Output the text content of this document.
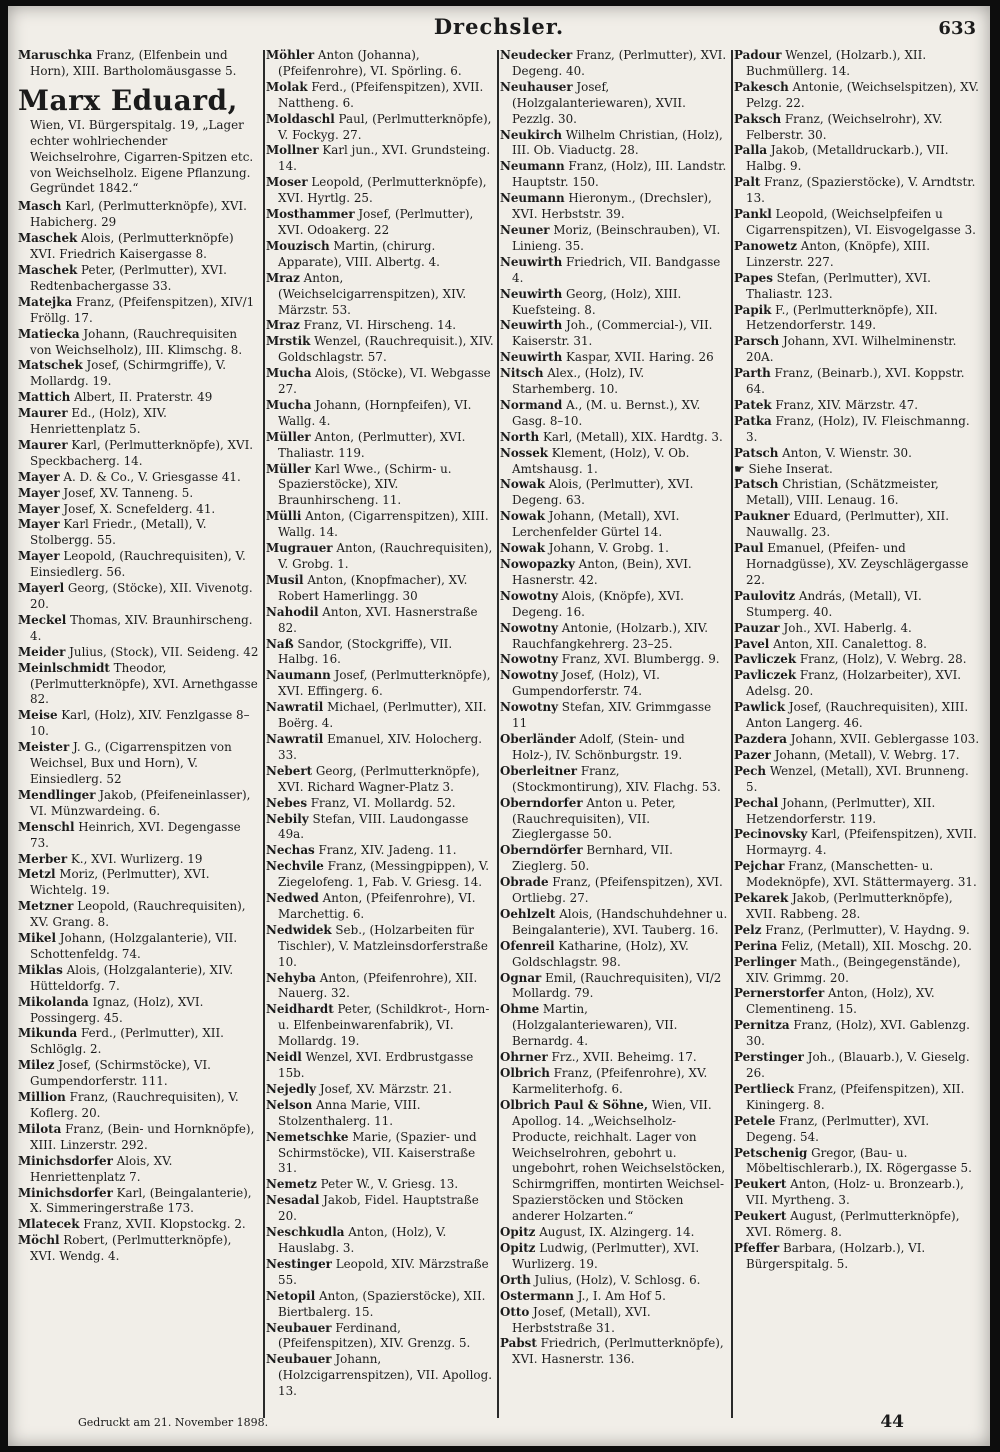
Drechsler.	633

Maruschka Franz, (Elfenbein und Horn), XIII. Bartholomäusgasse 5.

Marx Eduard, Wien, VI. Bürgerspitalg. 19, „Lager echter wohlriechender Weichselrohre, Cigarren-Spitzen etc. von Weichselholz. Eigene Pflanzung. Gegründet 1842.“

Masch Karl, (Perlmutterknöpfe), XVI. Habicherg. 29

Maschek Alois, (Perlmutterknöpfe) XVI. Friedrich Kaisergasse 8.

Maschek Peter, (Perlmutter), XVI. Redtenbachergasse 33.

Matejka Franz, (Pfeifenspitzen), XIV/1 Fröllg. 17.

Matiecka Johann, (Rauchrequisiten von Weichselholz), III. Klimschg. 8.

Matschek Josef, (Schirmgriffe), V. Mollardg. 19.

Mattich Albert, II. Praterstr. 49

Maurer Ed., (Holz), XIV. Henriettenplatz 5.

Maurer Karl, (Perlmutterknöpfe), XVI. Speckbacherg. 14.

Mayer A. D. & Co., V. Griesgasse 41.

Mayer Josef, XV. Tanneng. 5.

Mayer Josef, X. Scnefelderg. 41.

Mayer Karl Friedr., (Metall), V. Stolbergg. 55.

Mayer Leopold, (Rauchrequisiten), V. Einsiedlerg. 56.

Mayerl Georg, (Stöcke), XII. Vivenotg. 20.

Meckel Thomas, XIV. Braunhirscheng. 4.

Meider Julius, (Stock), VII. Seideng. 42

Meinlschmidt Theodor, (Perlmutterknöpfe), XVI. Arnethgasse 82.

Meise Karl, (Holz), XIV. Fenzlgasse 8–10.

Meister J. G., (Cigarrenspitzen von Weichsel, Bux und Horn), V. Einsiedlerg. 52

Mendlinger Jakob, (Pfeifeneinlasser), VI. Münzwardeing. 6.

Menschl Heinrich, XVI. Degengasse 73.

Merber K., XVI. Wurlizerg. 19

Metzl Moriz, (Perlmutter), XVI. Wichtelg. 19.

Metzner Leopold, (Rauchrequisiten), XV. Grang. 8.

Mikel Johann, (Holzgalanterie), VII. Schottenfeldg. 74.

Miklas Alois, (Holzgalanterie), XIV. Hütteldorfg. 7.

Mikolanda Ignaz, (Holz), XVI. Possingerg. 45.

Mikunda Ferd., (Perlmutter), XII. Schlöglg. 2.

Milez Josef, (Schirmstöcke), VI. Gumpendorferstr. 111.

Million Franz, (Rauchrequisiten), V. Koflerg. 20.

Milota Franz, (Bein- und Hornknöpfe), XIII. Linzerstr. 292.

Minichsdorfer Alois, XV. Henriettenplatz 7.

Minichsdorfer Karl, (Beingalanterie), X. Simmeringerstraße 173.

Mlatecek Franz, XVII. Klopstockg. 2.

Möchl Robert, (Perlmutterknöpfe), XVI. Wendg. 4.

Möhler Anton (Johanna), (Pfeifenrohre), VI. Spörling. 6.

Molak Ferd., (Pfeifenspitzen), XVII. Nattheng. 6.

Moldaschl Paul, (Perlmutterknöpfe), V. Fockyg. 27.

Mollner Karl jun., XVI. Grundsteing. 14.

Moser Leopold, (Perlmutterknöpfe), XVI. Hyrtlg. 25.

Mosthammer Josef, (Perlmutter), XVI. Odoakerg. 22

Mouzisch Martin, (chirurg. Apparate), VIII. Albertg. 4.

Mraz Anton, (Weichselcigarrenspitzen), XIV. Märzstr. 53.

Mraz Franz, VI. Hirscheng. 14.

Mrstik Wenzel, (Rauchrequisit.), XIV. Goldschlagstr. 57.

Mucha Alois, (Stöcke), VI. Webgasse 27.

Mucha Johann, (Hornpfeifen), VI. Wallg. 4.

Müller Anton, (Perlmutter), XVI. Thaliastr. 119.

Müller Karl Wwe., (Schirm- u. Spazierstöcke), XIV. Braunhirscheng. 11.

Mülli Anton, (Cigarrenspitzen), XIII. Wallg. 14.

Mugrauer Anton, (Rauchrequisiten), V. Grobg. 1.

Musil Anton, (Knopfmacher), XV. Robert Hamerlingg. 30

Nahodil Anton, XVI. Hasnerstraße 82.

Naß Sandor, (Stockgriffe), VII. Halbg. 16.

Naumann Josef, (Perlmutterknöpfe), XVI. Effingerg. 6.

Nawratil Michael, (Perlmutter), XII. Boërg. 4.

Nawratil Emanuel, XIV. Holocherg. 33.

Nebert Georg, (Perlmutterknöpfe), XVI. Richard Wagner-Platz 3.

Nebes Franz, VI. Mollardg. 52.

Nebily Stefan, VIII. Laudongasse 49a.

Nechas Franz, XIV. Jadeng. 11.

Nechvile Franz, (Messingpippen), V. Ziegelofeng. 1, Fab. V. Griesg. 14.

Nedwed Anton, (Pfeifenrohre), VI. Marchettig. 6.

Nedwidek Seb., (Holzarbeiten für Tischler), V. Matzleinsdorferstraße 10.

Nehyba Anton, (Pfeifenrohre), XII. Nauerg. 32.

Neidhardt Peter, (Schildkrot-, Horn- u. Elfenbeinwarenfabrik), VI. Mollardg. 19.

Neidl Wenzel, XVI. Erdbrustgasse 15b.

Nejedly Josef, XV. Märzstr. 21.

Nelson Anna Marie, VIII. Stolzenthalerg. 11.

Nemetschke Marie, (Spazier- und Schirmstöcke), VII. Kaiserstraße 31.

Nemetz Peter W., V. Griesg. 13.

Nesadal Jakob, Fidel. Hauptstraße 20.

Neschkudla Anton, (Holz), V. Hauslabg. 3.

Nestinger Leopold, XIV. Märzstraße 55.

Netopil Anton, (Spazierstöcke), XII. Biertbalerg. 15.

Neubauer Ferdinand, (Pfeifenspitzen), XIV. Grenzg. 5.

Neubauer Johann, (Holzcigarrenspitzen), VII. Apollog. 13.

Neudecker Franz, (Perlmutter), XVI. Degeng. 40.

Neuhauser Josef, (Holzgalanteriewaren), XVII. Pezzlg. 30.

Neukirch Wilhelm Christian, (Holz), III. Ob. Viaductg. 28.

Neumann Franz, (Holz), III. Landstr. Hauptstr. 150.

Neumann Hieronym., (Drechsler), XVI. Herbststr. 39.

Neuner Moriz, (Beinschrauben), VI. Linieng. 35.

Neuwirth Friedrich, VII. Bandgasse 4.

Neuwirth Georg, (Holz), XIII. Kuefsteing. 8.

Neuwirth Joh., (Commercial-), VII. Kaiserstr. 31.

Neuwirth Kaspar, XVII. Haring. 26

Nitsch Alex., (Holz), IV. Starhemberg. 10.

Normand A., (M. u. Bernst.), XV. Gasg. 8–10.

North Karl, (Metall), XIX. Hardtg. 3.

Nossek Klement, (Holz), V. Ob. Amtshausg. 1.

Nowak Alois, (Perlmutter), XVI. Degeng. 63.

Nowak Johann, (Metall), XVI. Lerchenfelder Gürtel 14.

Nowak Johann, V. Grobg. 1.

Nowopazky Anton, (Bein), XVI. Hasnerstr. 42.

Nowotny Alois, (Knöpfe), XVI. Degeng. 16.

Nowotny Antonie, (Holzarb.), XIV. Rauchfangkehrerg. 23–25.

Nowotny Franz, XVI. Blumbergg. 9.

Nowotny Josef, (Holz), VI. Gumpendorferstr. 74.

Nowotny Stefan, XIV. Grimmgasse 11

Oberländer Adolf, (Stein- und Holz-), IV. Schönburgstr. 19.

Oberleitner Franz, (Stockmontirung), XIV. Flachg. 53.

Oberndorfer Anton u. Peter, (Rauchrequisiten), VII. Zieglergasse 50.

Oberndörfer Bernhard, VII. Zieglerg. 50.

Obrade Franz, (Pfeifenspitzen), XVI. Ortliebg. 27.

Oehlzelt Alois, (Handschuhdehner u. Beingalanterie), XVI. Tauberg. 16.

Ofenreil Katharine, (Holz), XV. Goldschlagstr. 98.

Ognar Emil, (Rauchrequisiten), VI/2 Mollardg. 79.

Ohme Martin, (Holzgalanteriewaren), VII. Bernardg. 4.

Ohrner Frz., XVII. Beheimg. 17.

Olbrich Franz, (Pfeifenrohre), XV. Karmeliterhofg. 6.

Olbrich Paul & Söhne, Wien, VII. Apollog. 14. „Weichselholz-Producte, reichhalt. Lager von Weichselrohren, gebohrt u. ungebohrt, rohen Weichselstöcken, Schirmgriffen, montirten Weichsel-Spazierstöcken und Stöcken anderer Holzarten.“

Opitz August, IX. Alzingerg. 14.

Opitz Ludwig, (Perlmutter), XVI. Wurlizerg. 19.

Orth Julius, (Holz), V. Schlosg. 6.

Ostermann J., I. Am Hof 5.

Otto Josef, (Metall), XVI. Herbststraße 31.

Pabst Friedrich, (Perlmutterknöpfe), XVI. Hasnerstr. 136.

Padour Wenzel, (Holzarb.), XII. Buchmüllerg. 14.

Pakesch Antonie, (Weichselspitzen), XV. Pelzg. 22.

Paksch Franz, (Weichselrohr), XV. Felberstr. 30.

Palla Jakob, (Metalldruckarb.), VII. Halbg. 9.

Palt Franz, (Spazierstöcke), V. Arndtstr. 13.

Pankl Leopold, (Weichselpfeifen u Cigarrenspitzen), VI. Eisvogelgasse 3.

Panowetz Anton, (Knöpfe), XIII. Linzerstr. 227.

Papes Stefan, (Perlmutter), XVI. Thaliastr. 123.

Papik F., (Perlmutterknöpfe), XII. Hetzendorferstr. 149.

Parsch Johann, XVI. Wilhelminenstr. 20A.

Parth Franz, (Beinarb.), XVI. Koppstr. 64.

Patek Franz, XIV. Märzstr. 47.

Patka Franz, (Holz), IV. Fleischmanng. 3.

Patsch Anton, V. Wienstr. 30.

☛ Siehe Inserat.

Patsch Christian, (Schätzmeister, Metall), VIII. Lenaug. 16.

Paukner Eduard, (Perlmutter), XII. Nauwallg. 23.

Paul Emanuel, (Pfeifen- und Hornadgüsse), XV. Zeyschlägergasse 22.

Paulovitz András, (Metall), VI. Stumperg. 40.

Pauzar Joh., XVI. Haberlg. 4.

Pavel Anton, XII. Canalettog. 8.

Pavliczek Franz, (Holz), V. Webrg. 28.

Pavliczek Franz, (Holzarbeiter), XVI. Adelsg. 20.

Pawlick Josef, (Rauchrequisiten), XIII. Anton Langerg. 46.

Pazdera Johann, XVII. Geblergasse 103.

Pazer Johann, (Metall), V. Webrg. 17.

Pech Wenzel, (Metall), XVI. Brunneng. 5.

Pechal Johann, (Perlmutter), XII. Hetzendorferstr. 119.

Pecinovsky Karl, (Pfeifenspitzen), XVII. Hormayrg. 4.

Pejchar Franz, (Manschetten- u. Modeknöpfe), XVI. Stättermayerg. 31.

Pekarek Jakob, (Perlmutterknöpfe), XVII. Rabbeng. 28.

Pelz Franz, (Perlmutter), V. Haydng. 9.

Perina Feliz, (Metall), XII. Moschg. 20.

Perlinger Math., (Beingegenstände), XIV. Grimmg. 20.

Pernerstorfer Anton, (Holz), XV. Clementineng. 15.

Pernitza Franz, (Holz), XVI. Gablenzg. 30.

Perstinger Joh., (Blauarb.), V. Gieselg. 26.

Pertlieck Franz, (Pfeifenspitzen), XII. Kiningerg. 8.

Petele Franz, (Perlmutter), XVI. Degeng. 54.

Petschenig Gregor, (Bau- u. Möbeltischlerarb.), IX. Rögergasse 5.

Peukert Anton, (Holz- u. Bronzearb.), VII. Myrtheng. 3.

Peukert August, (Perlmutterknöpfe), XVI. Römerg. 8.

Pfeffer Barbara, (Holzarb.), VI. Bürgerspitalg. 5.

Gedruckt am 21. November 1898.	44
